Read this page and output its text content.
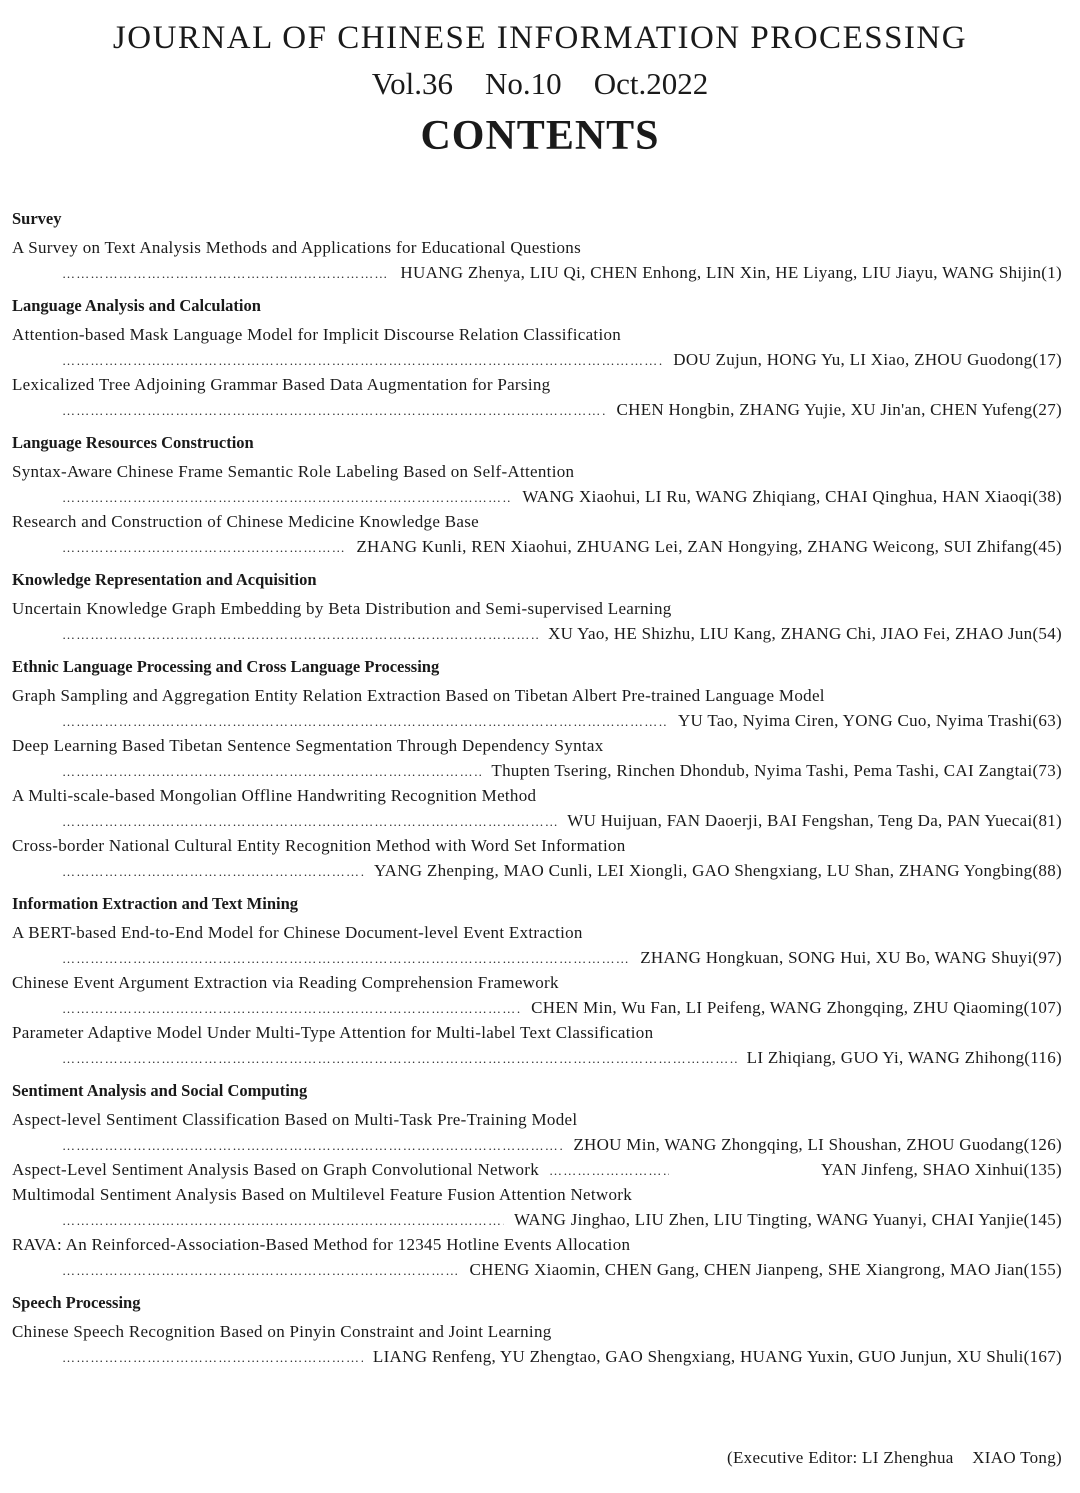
JOURNAL OF CHINESE INFORMATION PROCESSING
Vol.36 No.10 Oct.2022
CONTENTS
Survey
A Survey on Text Analysis Methods and Applications for Educational Questions
………………………………………………………………………………………………………………………………………………………………
HUANG Zhenya, LIU Qi, CHEN Enhong, LIN Xin, HE Liyang, LIU Jiayu, WANG Shijin(1)
Language Analysis and Calculation
Attention-based Mask Language Model for Implicit Discourse Relation Classification
………………………………………………………………………………………………………………………………………………………………
DOU Zujun, HONG Yu, LI Xiao, ZHOU Guodong(17)
Lexicalized Tree Adjoining Grammar Based Data Augmentation for Parsing
………………………………………………………………………………………………………………………………………………………………
CHEN Hongbin, ZHANG Yujie, XU Jin'an, CHEN Yufeng(27)
Language Resources Construction
Syntax-Aware Chinese Frame Semantic Role Labeling Based on Self-Attention
………………………………………………………………………………………………………………………………………………………………
WANG Xiaohui, LI Ru, WANG Zhiqiang, CHAI Qinghua, HAN Xiaoqi(38)
Research and Construction of Chinese Medicine Knowledge Base
………………………………………………………………………………………………………………………………………………………………
ZHANG Kunli, REN Xiaohui, ZHUANG Lei, ZAN Hongying, ZHANG Weicong, SUI Zhifang(45)
Knowledge Representation and Acquisition
Uncertain Knowledge Graph Embedding by Beta Distribution and Semi-supervised Learning
………………………………………………………………………………………………………………………………………………………………
XU Yao, HE Shizhu, LIU Kang, ZHANG Chi, JIAO Fei, ZHAO Jun(54)
Ethnic Language Processing and Cross Language Processing
Graph Sampling and Aggregation Entity Relation Extraction Based on Tibetan Albert Pre-trained Language Model
………………………………………………………………………………………………………………………………………………………………
YU Tao, Nyima Ciren, YONG Cuo, Nyima Trashi(63)
Deep Learning Based Tibetan Sentence Segmentation Through Dependency Syntax
………………………………………………………………………………………………………………………………………………………………
Thupten Tsering, Rinchen Dhondub, Nyima Tashi, Pema Tashi, CAI Zangtai(73)
A Multi-scale-based Mongolian Offline Handwriting Recognition Method
………………………………………………………………………………………………………………………………………………………………
WU Huijuan, FAN Daoerji, BAI Fengshan, Teng Da, PAN Yuecai(81)
Cross-border National Cultural Entity Recognition Method with Word Set Information
………………………………………………………………………………………………………………………………………………………………
YANG Zhenping, MAO Cunli, LEI Xiongli, GAO Shengxiang, LU Shan, ZHANG Yongbing(88)
Information Extraction and Text Mining
A BERT-based End-to-End Model for Chinese Document-level Event Extraction
………………………………………………………………………………………………………………………………………………………………
ZHANG Hongkuan, SONG Hui, XU Bo, WANG Shuyi(97)
Chinese Event Argument Extraction via Reading Comprehension Framework
………………………………………………………………………………………………………………………………………………………………
CHEN Min, Wu Fan, LI Peifeng, WANG Zhongqing, ZHU Qiaoming(107)
Parameter Adaptive Model Under Multi-Type Attention for Multi-label Text Classification
………………………………………………………………………………………………………………………………………………………………
LI Zhiqiang, GUO Yi, WANG Zhihong(116)
Sentiment Analysis and Social Computing
Aspect-level Sentiment Classification Based on Multi-Task Pre-Training Model
………………………………………………………………………………………………………………………………………………………………
ZHOU Min, WANG Zhongqing, LI Shoushan, ZHOU Guodang(126)
Aspect-Level Sentiment Analysis Based on Graph Convolutional Network ………………………………………………………………………………………………………………………………………………………………	YAN Jinfeng, SHAO Xinhui(135)
Multimodal Sentiment Analysis Based on Multilevel Feature Fusion Attention Network
………………………………………………………………………………………………………………………………………………………………
WANG Jinghao, LIU Zhen, LIU Tingting, WANG Yuanyi, CHAI Yanjie(145)
RAVA: An Reinforced-Association-Based Method for 12345 Hotline Events Allocation
………………………………………………………………………………………………………………………………………………………………
CHENG Xiaomin, CHEN Gang, CHEN Jianpeng, SHE Xiangrong, MAO Jian(155)
Speech Processing
Chinese Speech Recognition Based on Pinyin Constraint and Joint Learning
………………………………………………………………………………………………………………………………………………………………
LIANG Renfeng, YU Zhengtao, GAO Shengxiang, HUANG Yuxin, GUO Junjun, XU Shuli(167)
(Executive Editor: LI Zhenghua XIAO Tong)
